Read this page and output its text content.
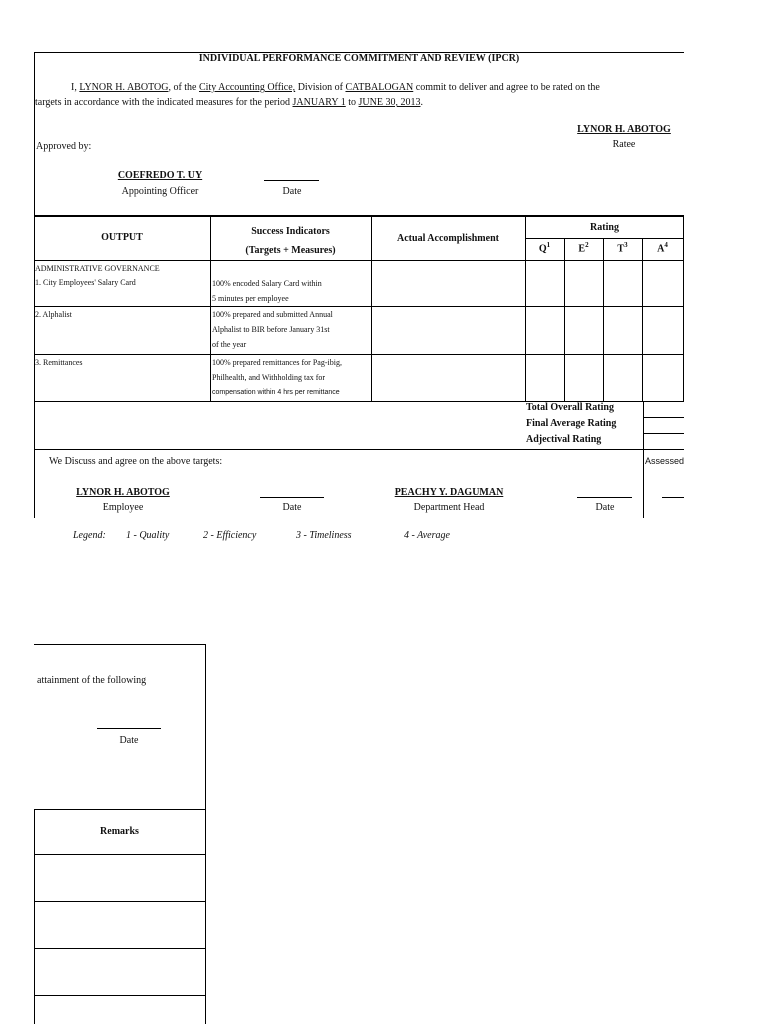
INDIVIDUAL PERFORMANCE COMMITMENT AND REVIEW (IPCR)
I, LYNOR H. ABOTOG, of the City Accounting Office, Division of CATBALOGAN commit to deliver and agree to be rated on the
targets in accordance with the indicated measures for the period JANUARY 1 to JUNE 30, 2013.
LYNOR H. ABOTOG
Ratee
Approved by:
COEFREDO T. UY
Appointing Officer	Date
OUTPUT
Success Indicators
(Targets + Measures)
Actual Accomplishment
Rating
$Q^1$	$E^2$	$T^3$	$A^4$
ADMINISTRATIVE GOVERNANCE
1. City Employees' Salary Card	100% encoded Salary Card within
5 minutes per employee
2. Alphalist	100% prepared and submitted Annual
Alphalist to BIR before January 31st
of the year
3. Remittances	100% prepared remittances for Pag-ibig,
Philhealth, and Withholding tax for
compensation within 4 hrs per remittance
Total Overall Rating
Final Average Rating
Adjectival Rating
We Discuss and agree on the above targets:	Assessed
LYNOR H. ABOTOG
Employee	Date
PEACHY Y. DAGUMAN
Department Head	Date
Legend: 1 - Quality	2 - Efficiency	3 - Timeliness	4 - Average
attainment of the following
Date
Remarks
